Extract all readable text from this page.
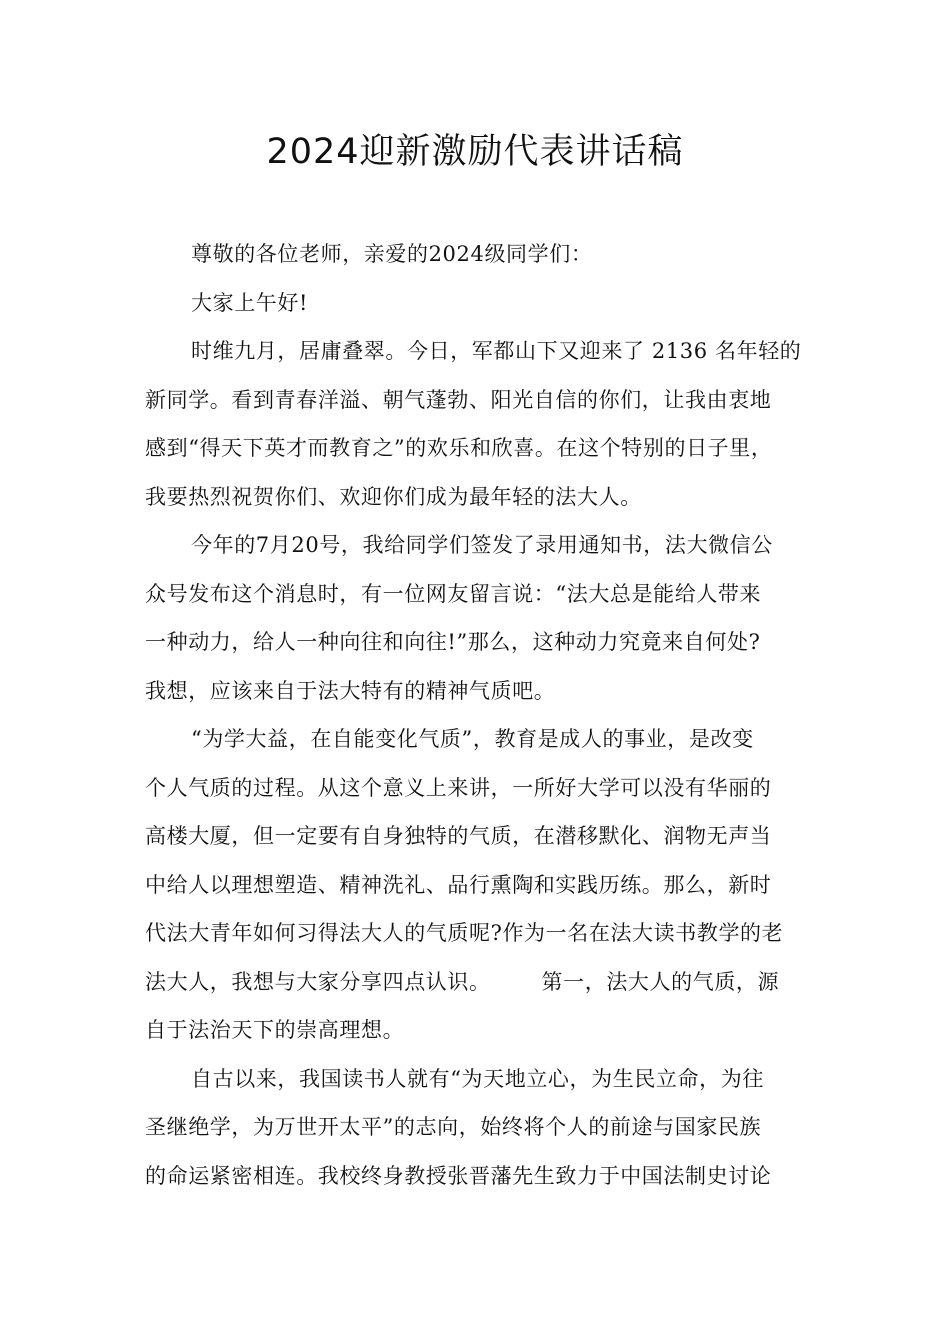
2024迎新激励代表讲话稿

尊敬的各位老师，亲爱的2024级同学们：

大家上午好!

时维九月，居庸叠翠。今日，军都山下又迎来了 2136 名年轻的

新同学。看到青春洋溢、朝气蓬勃、阳光自信的你们，让我由衷地

感到“得天下英才而教育之”的欢乐和欣喜。在这个特别的日子里，

我要热烈祝贺你们、欢迎你们成为最年轻的法大人。

今年的7月20号，我给同学们签发了录用通知书，法大微信公

众号发布这个消息时，有一位网友留言说：“法大总是能给人带来

一种动力，给人一种向往和向往!”那么，这种动力究竟来自何处?

我想，应该来自于法大特有的精神气质吧。

“为学大益，在自能变化气质”，教育是成人的事业，是改变

个人气质的过程。从这个意义上来讲，一所好大学可以没有华丽的

高楼大厦，但一定要有自身独特的气质，在潜移默化、润物无声当

中给人以理想塑造、精神洗礼、品行熏陶和实践历练。那么，新时

代法大青年如何习得法大人的气质呢?作为一名在法大读书教学的老

法大人，我想与大家分享四点认识。       第一，法大人的气质，源

自于法治天下的崇高理想。

自古以来，我国读书人就有“为天地立心，为生民立命，为往

圣继绝学，为万世开太平”的志向，始终将个人的前途与国家民族

的命运紧密相连。我校终身教授张晋藩先生致力于中国法制史讨论
